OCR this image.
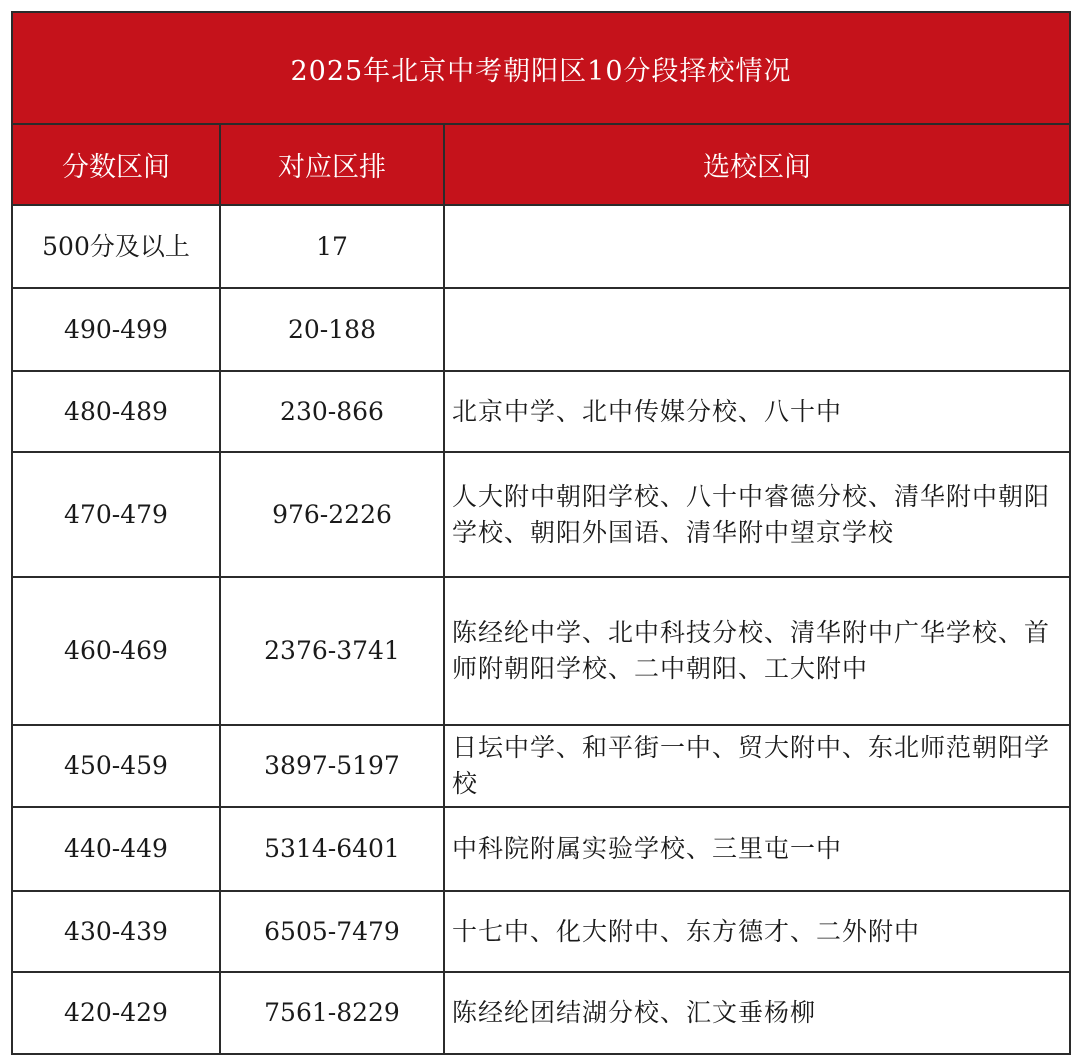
2025年北京中考朝阳区10分段择校情况		
分数区间	对应区排	选校区间
500分及以上	17	
490-499	20-188	
480-489	230-866	北京中学、北中传媒分校、八十中
470-479	976-2226	人大附中朝阳学校、八十中睿德分校、清华附中朝阳学校、朝阳外国语、清华附中望京学校
460-469	2376-3741	陈经纶中学、北中科技分校、清华附中广华学校、首师附朝阳学校、二中朝阳、工大附中
450-459	3897-5197	日坛中学、和平街一中、贸大附中、东北师范朝阳学校
440-449	5314-6401	中科院附属实验学校、三里屯一中
430-439	6505-7479	十七中、化大附中、东方德才、二外附中
420-429	7561-8229	陈经纶团结湖分校、汇文垂杨柳
